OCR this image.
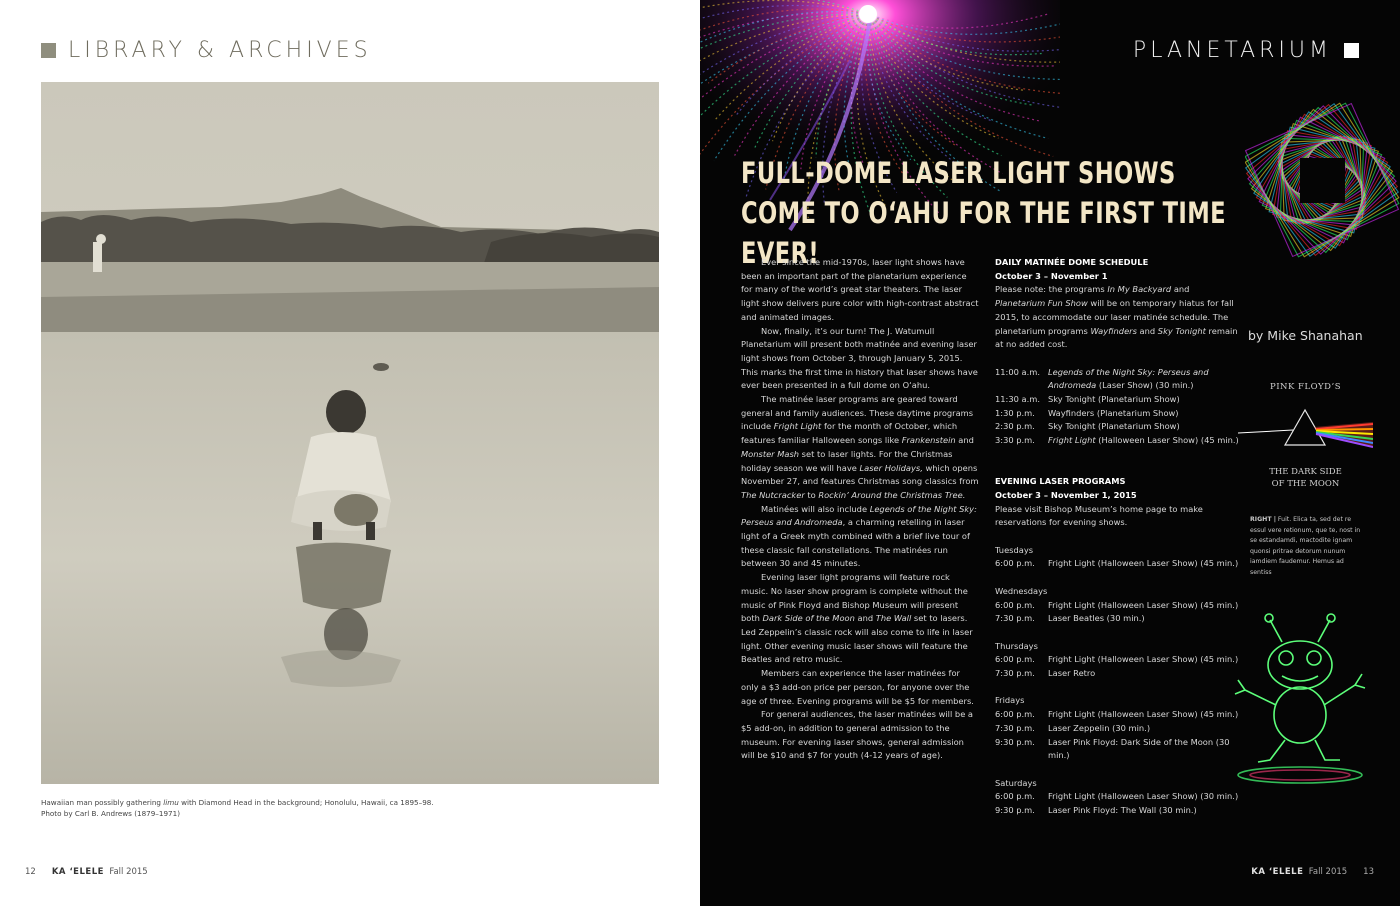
LIBRARY & ARCHIVES
Hawaiian man possibly gathering limu with Diamond Head in the background; Honolulu, Hawaii, ca 1895–98.
Photo by Carl B. Andrews (1879–1971)
12 KA ‘ELELE Fall 2015
PLANETARIUM
FULL-DOME LASER LIGHT SHOWS
COME TO O‘AHU FOR THE FIRST TIME EVER!

Ever since the mid-1970s, laser light shows have been an important part of the planetarium experience for many of the world’s great star theaters. The laser light show delivers pure color with high-contrast abstract and animated images.

Now, finally, it’s our turn! The J. Watumull Planetarium will present both matinée and evening laser light shows from October 3, through January 5, 2015. This marks the first time in history that laser shows have ever been presented in a full dome on O‘ahu.

The matinée laser programs are geared toward general and family audiences. These daytime programs include Fright Light for the month of October, which features familiar Halloween songs like Frankenstein and Monster Mash set to laser lights. For the Christmas holiday season we will have Laser Holidays, which opens November 27, and features Christmas song classics from The Nutcracker to Rockin’ Around the Christmas Tree.

Matinées will also include Legends of the Night Sky: Perseus and Andromeda, a charming retelling in laser light of a Greek myth combined with a brief live tour of these classic fall constellations. The matinées run between 30 and 45 minutes.

Evening laser light programs will feature rock music. No laser show program is complete without the music of Pink Floyd and Bishop Museum will present both Dark Side of the Moon and The Wall set to lasers. Led Zeppelin’s classic rock will also come to life in laser light. Other evening music laser shows will feature the Beatles and retro music.

Members can experience the laser matinées for only a $3 add-on price per person, for anyone over the age of three. Evening programs will be $5 for members.

For general audiences, the laser matinées will be a $5 add-on, in addition to general admission to the museum. For evening laser shows, general admission will be $10 and $7 for youth (4-12 years of age).

DAILY MATINÉE DOME SCHEDULE
October 3 – November 1
Please note: the programs In My Backyard and Planetarium Fun Show will be on temporary hiatus for fall 2015, to accommodate our laser matinée schedule. The planetarium programs Wayfinders and Sky Tonight remain at no added cost.
11:00 a.m. Legends of the Night Sky: Perseus and Andromeda (Laser Show) (30 min.)
11:30 a.m. Sky Tonight (Planetarium Show)
1:30 p.m.	Wayfinders (Planetarium Show)
2:30 p.m.	Sky Tonight (Planetarium Show)
3:30 p.m.	Fright Light (Halloween Laser Show) (45 min.)
EVENING LASER PROGRAMS
October 3 – November 1, 2015
Please visit Bishop Museum’s home page to make reservations for evening shows.
Tuesdays
6:00 p.m.	Fright Light (Halloween Laser Show) (45 min.)
Wednesdays
6:00 p.m.	Fright Light (Halloween Laser Show) (45 min.)
7:30 p.m.	Laser Beatles (30 min.)
Thursdays
6:00 p.m.	Fright Light (Halloween Laser Show) (45 min.)
7:30 p.m.	Laser Retro
Fridays
6:00 p.m.	Fright Light (Halloween Laser Show) (45 min.)
7:30 p.m.	Laser Zeppelin (30 min.)
9:30 p.m.	Laser Pink Floyd: Dark Side of the Moon (30 min.)
Saturdays
6:00 p.m.	Fright Light (Halloween Laser Show) (30 min.)
9:30 p.m.	Laser Pink Floyd: The Wall (30 min.)
by Mike Shanahan
PINK FLOYD’S
THE DARK SIDE
OF THE MOON
RIGHT | Fuit. Elica ta, sed det re essul vere retionum, que te, nost in se estandamdi, mactodite ignam quonsi pritrae detorum nunum iamdiem faudemur. Hemus ad sentiss
KA ‘ELELE Fall 2015 13
